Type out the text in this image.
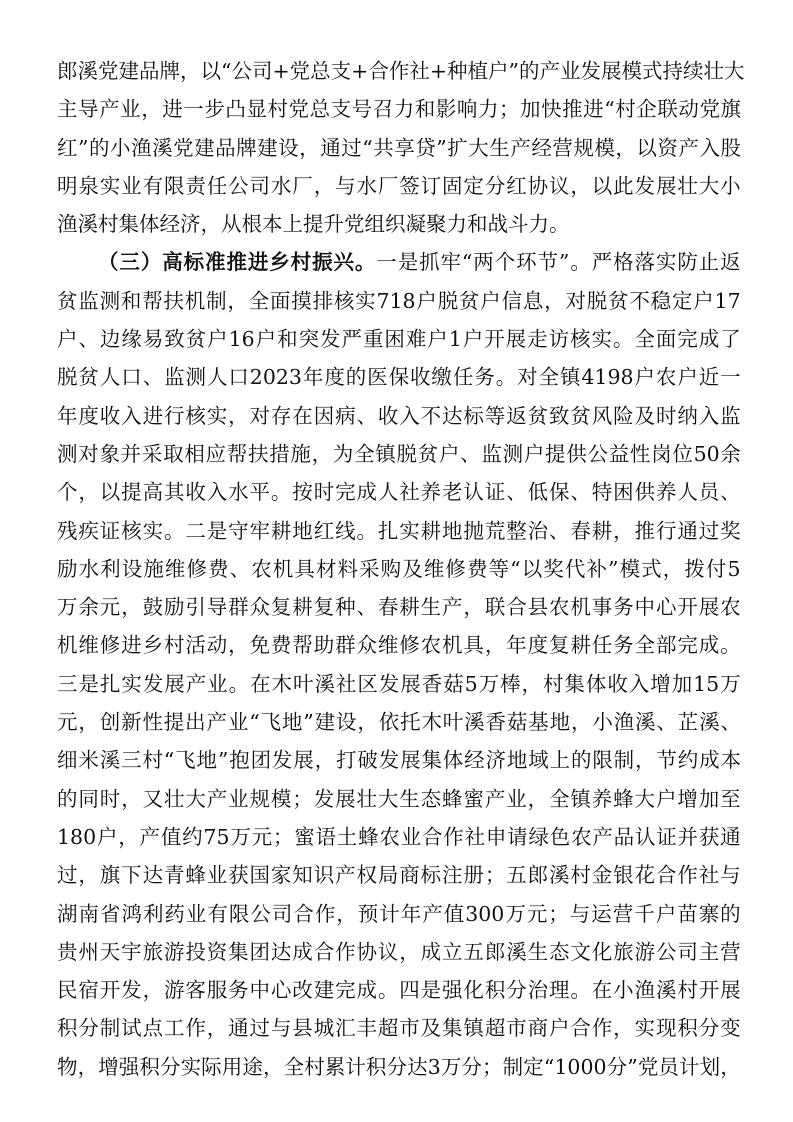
郎 溪 党 建 品 牌 ， 以 “ 公 司 + 党 总 支 + 合 作 社 + 种 植 户 ” 的 产 业 发 展 模 式 持 续 壮 大
主 导 产 业 ， 进 一 步 凸 显 村 党 总 支 号 召 力 和 影 响 力 ； 加 快 推 进 “ 村 企 联 动 党 旗
红 ” 的 小 渔 溪 党 建 品 牌 建 设 ， 通 过 “ 共 享 贷 ” 扩 大 生 产 经 营 规 模 ， 以 资 产 入 股
明 泉 实 业 有 限 责 任 公 司 水 厂 ， 与 水 厂 签 订 固 定 分 红 协 议 ， 以 此 发 展 壮 大 小
渔 溪 村 集 体 经 济 ， 从 根 本 上 提 升 党 组 织 凝 聚 力 和 战 斗 力 。
（ 三 ） 高 标 准 推 进 乡 村 振 兴 。 一 是 抓 牢 “ 两 个 环 节 ” 。 严 格 落 实 防 止 返
贫 监 测 和 帮 扶 机 制 ， 全 面 摸 排 核 实 718 户 脱 贫 户 信 息 ， 对 脱 贫 不 稳 定 户 17
户 、 边 缘 易 致 贫 户 16 户 和 突 发 严 重 困 难 户 1 户 开 展 走 访 核 实 。 全 面 完 成 了
脱 贫 人 口 、 监 测 人 口 2023 年 度 的 医 保 收 缴 任 务 。 对 全 镇 4198 户 农 户 近 一
年 度 收 入 进 行 核 实 ， 对 存 在 因 病 、 收 入 不 达 标 等 返 贫 致 贫 风 险 及 时 纳 入 监
测 对 象 并 采 取 相 应 帮 扶 措 施 ， 为 全 镇 脱 贫 户 、 监 测 户 提 供 公 益 性 岗 位 50 余
个 ， 以 提 高 其 收 入 水 平 。 按 时 完 成 人 社 养 老 认 证 、 低 保 、 特 困 供 养 人 员 、
残 疾 证 核 实 。 二 是 守 牢 耕 地 红 线 。 扎 实 耕 地 抛 荒 整 治 、 春 耕 ， 推 行 通 过 奖
励 水 利 设 施 维 修 费 、 农 机 具 材 料 采 购 及 维 修 费 等 “ 以 奖 代 补 ” 模 式 ， 拨 付 5
万 余 元 ， 鼓 励 引 导 群 众 复 耕 复 种 、 春 耕 生 产 ， 联 合 县 农 机 事 务 中 心 开 展 农
机 维 修 进 乡 村 活 动 ， 免 费 帮 助 群 众 维 修 农 机 具 ， 年 度 复 耕 任 务 全 部 完 成 。
三 是 扎 实 发 展 产 业 。 在 木 叶 溪 社 区 发 展 香 菇 5 万 棒 ， 村 集 体 收 入 增 加 15 万
元 ， 创 新 性 提 出 产 业 “ 飞 地 ” 建 设 ， 依 托 木 叶 溪 香 菇 基 地 ， 小 渔 溪 、 芷 溪 、
细 米 溪 三 村 “ 飞 地 ” 抱 团 发 展 ， 打 破 发 展 集 体 经 济 地 域 上 的 限 制 ， 节 约 成 本
的 同 时 ， 又 壮 大 产 业 规 模 ； 发 展 壮 大 生 态 蜂 蜜 产 业 ， 全 镇 养 蜂 大 户 增 加 至
180 户 ， 产 值 约 75 万 元 ； 蜜 语 土 蜂 农 业 合 作 社 申 请 绿 色 农 产 品 认 证 并 获 通
过 ， 旗 下 达 青 蜂 业 获 国 家 知 识 产 权 局 商 标 注 册 ； 五 郎 溪 村 金 银 花 合 作 社 与
湖 南 省 鸿 利 药 业 有 限 公 司 合 作 ， 预 计 年 产 值 300 万 元 ； 与 运 营 千 户 苗 寨 的
贵 州 天 宇 旅 游 投 资 集 团 达 成 合 作 协 议 ， 成 立 五 郎 溪 生 态 文 化 旅 游 公 司 主 营
民 宿 开 发 ， 游 客 服 务 中 心 改 建 完 成 。 四 是 强 化 积 分 治 理 。 在 小 渔 溪 村 开 展
积 分 制 试 点 工 作 ， 通 过 与 县 城 汇 丰 超 市 及 集 镇 超 市 商 户 合 作 ， 实 现 积 分 变
物 ， 增 强 积 分 实 际 用 途 ， 全 村 累 计 积 分 达 3 万 分 ； 制 定 “ 1000 分 ” 党 员 计 划 ，
